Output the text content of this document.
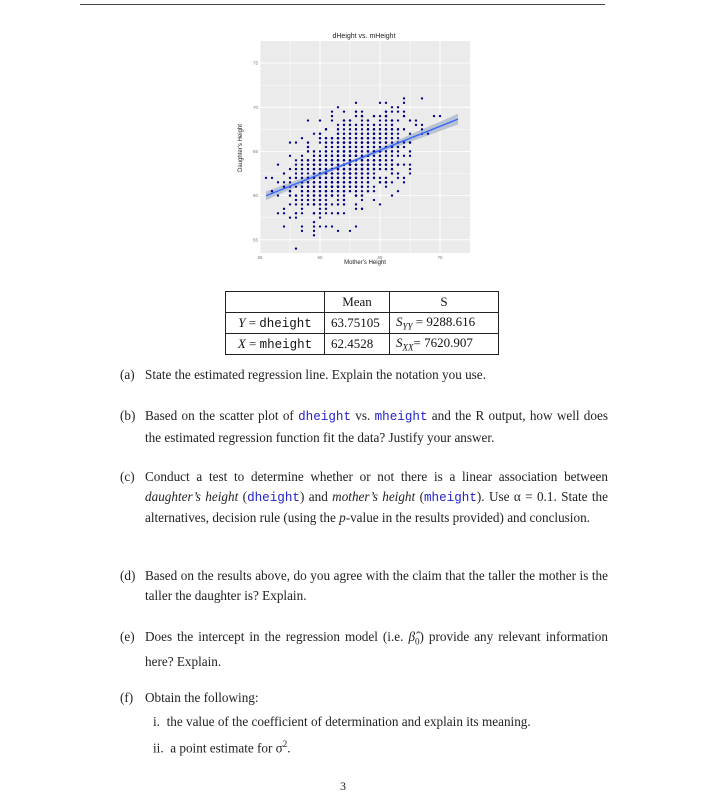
dHeight vs. mHeight
55	60	65	70
55
60
65
70
75
Mother's Height
Daughter's Height
	Mean	S
Y = dheight	63.75105	$S_{YY} = 9288.616$
X = mheight	62.4528	$S_{XX}= 7620.907$
(a) State the estimated regression line. Explain the notation you use.
(b) Based on the scatter plot of dheight vs. mheight and the R output, how well does the estimated regression function fit the data? Justify your answer.
(c) Conduct a test to determine whether or not there is a linear association between daughter’s height (dheight) and mother’s height (mheight). Use α = 0.1. State the alternatives, decision rule (using the p-value in the results provided) and conclusion.
(d) Based on the results above, do you agree with the claim that the taller the mother is the taller the daughter is? Explain.
(e) Does the intercept in the regression model (i.e. $\betâ_0$) provide any relevant information here? Explain.
(f) Obtain the following:
i. the value of the coefficient of determination and explain its meaning.
ii. a point estimate for $\sigma^2$.
3
